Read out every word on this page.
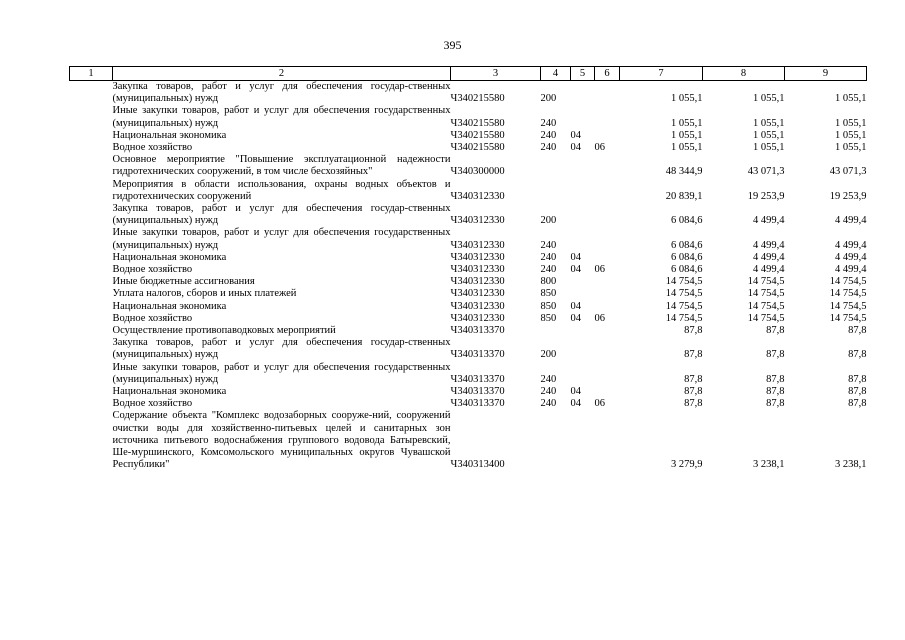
395
1	2	3	4	5	6	7	8	9
	Закупка товаров, работ и услуг для обеспечения государ-ственных (муниципальных) нужд	Ч340215580	200			1 055,1	1 055,1	1 055,1
	Иные закупки товаров, работ и услуг для обеспечения государственных (муниципальных) нужд	Ч340215580	240			1 055,1	1 055,1	1 055,1
	Национальная экономика	Ч340215580	240	04		1 055,1	1 055,1	1 055,1
	Водное хозяйство	Ч340215580	240	04	06	1 055,1	1 055,1	1 055,1
	Основное мероприятие "Повышение эксплуатационной надежности гидротехнических сооружений, в том числе бесхозяйных"	Ч340300000				48 344,9	43 071,3	43 071,3
	Мероприятия в области использования, охраны водных объектов и гидротехнических сооружений	Ч340312330				20 839,1	19 253,9	19 253,9
	Закупка товаров, работ и услуг для обеспечения государ-ственных (муниципальных) нужд	Ч340312330	200			6 084,6	4 499,4	4 499,4
	Иные закупки товаров, работ и услуг для обеспечения государственных (муниципальных) нужд	Ч340312330	240			6 084,6	4 499,4	4 499,4
	Национальная экономика	Ч340312330	240	04		6 084,6	4 499,4	4 499,4
	Водное хозяйство	Ч340312330	240	04	06	6 084,6	4 499,4	4 499,4
	Иные бюджетные ассигнования	Ч340312330	800			14 754,5	14 754,5	14 754,5
	Уплата налогов, сборов и иных платежей	Ч340312330	850			14 754,5	14 754,5	14 754,5
	Национальная экономика	Ч340312330	850	04		14 754,5	14 754,5	14 754,5
	Водное хозяйство	Ч340312330	850	04	06	14 754,5	14 754,5	14 754,5
	Осуществление противопаводковых мероприятий	Ч340313370				87,8	87,8	87,8
	Закупка товаров, работ и услуг для обеспечения государ-ственных (муниципальных) нужд	Ч340313370	200			87,8	87,8	87,8
	Иные закупки товаров, работ и услуг для обеспечения государственных (муниципальных) нужд	Ч340313370	240			87,8	87,8	87,8
	Национальная экономика	Ч340313370	240	04		87,8	87,8	87,8
	Водное хозяйство	Ч340313370	240	04	06	87,8	87,8	87,8
	Содержание объекта "Комплекс водозаборных сооруже-ний, сооружений очистки воды для хозяйственно-питьевых целей и санитарных зон источника питьевого водоснабжения группового водовода Батыревский, Ше-муршинского, Комсомольского муниципальных округов Чувашской Республики"	Ч340313400				3 279,9	3 238,1	3 238,1
